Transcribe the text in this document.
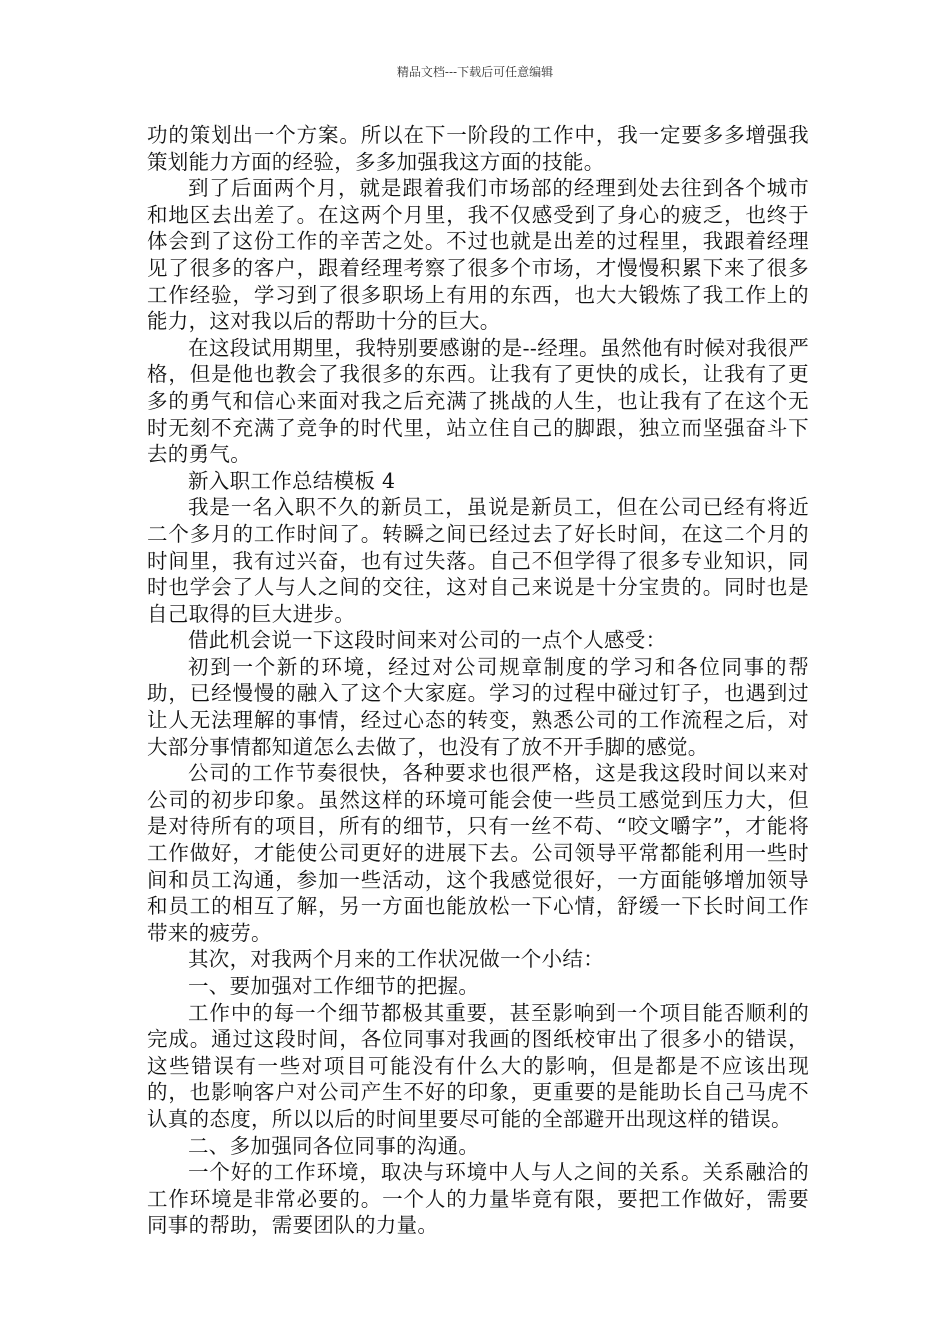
精品文档---下载后可任意编辑

功的策划出一个方案。所以在下一阶段的工作中，我一定要多多增强我策划能力方面的经验，多多加强我这方面的技能。

到了后面两个月，就是跟着我们市场部的经理到处去往到各个城市和地区去出差了。在这两个月里，我不仅感受到了身心的疲乏，也终于体会到了这份工作的辛苦之处。不过也就是出差的过程里，我跟着经理见了很多的客户，跟着经理考察了很多个市场，才慢慢积累下来了很多工作经验，学习到了很多职场上有用的东西，也大大锻炼了我工作上的能力，这对我以后的帮助十分的巨大。

在这段试用期里，我特别要感谢的是--经理。虽然他有时候对我很严格，但是他也教会了我很多的东西。让我有了更快的成长，让我有了更多的勇气和信心来面对我之后充满了挑战的人生，也让我有了在这个无时无刻不充满了竞争的时代里，站立住自己的脚跟，独立而坚强奋斗下去的勇气。

新入职工作总结模板 4

我是一名入职不久的新员工，虽说是新员工，但在公司已经有将近二个多月的工作时间了。转瞬之间已经过去了好长时间，在这二个月的时间里，我有过兴奋，也有过失落。自己不但学得了很多专业知识，同时也学会了人与人之间的交往，这对自己来说是十分宝贵的。同时也是自己取得的巨大进步。

借此机会说一下这段时间来对公司的一点个人感受：

初到一个新的环境，经过对公司规章制度的学习和各位同事的帮助，已经慢慢的融入了这个大家庭。学习的过程中碰过钉子，也遇到过让人无法理解的事情，经过心态的转变，熟悉公司的工作流程之后，对大部分事情都知道怎么去做了，也没有了放不开手脚的感觉。

公司的工作节奏很快，各种要求也很严格，这是我这段时间以来对公司的初步印象。虽然这样的环境可能会使一些员工感觉到压力大，但是对待所有的项目，所有的细节，只有一丝不苟、“咬文嚼字”，才能将工作做好，才能使公司更好的进展下去。公司领导平常都能利用一些时间和员工沟通，参加一些活动，这个我感觉很好，一方面能够增加领导和员工的相互了解，另一方面也能放松一下心情，舒缓一下长时间工作带来的疲劳。

其次，对我两个月来的工作状况做一个小结：

一、要加强对工作细节的把握。

工作中的每一个细节都极其重要，甚至影响到一个项目能否顺利的完成。通过这段时间，各位同事对我画的图纸校审出了很多小的错误，这些错误有一些对项目可能没有什么大的影响，但是都是不应该出现的，也影响客户对公司产生不好的印象，更重要的是能助长自己马虎不认真的态度，所以以后的时间里要尽可能的全部避开出现这样的错误。

二、多加强同各位同事的沟通。

一个好的工作环境，取决与环境中人与人之间的关系。关系融洽的工作环境是非常必要的。一个人的力量毕竟有限，要把工作做好，需要同事的帮助，需要团队的力量。
